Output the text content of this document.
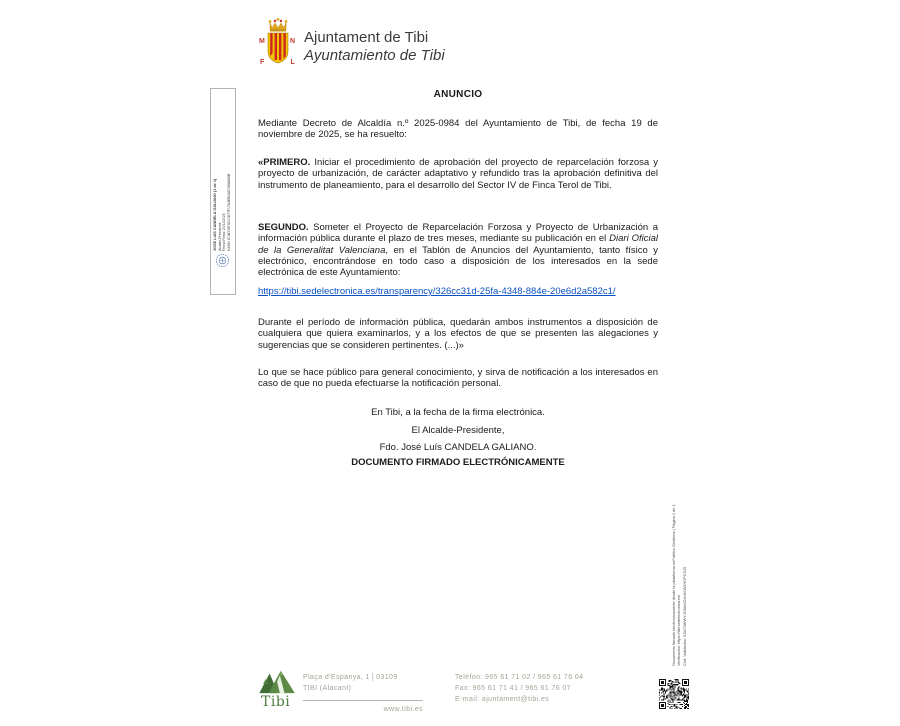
M	N
F	L
Ajuntament de Tibi
Ayuntamiento de Tibi
JOSE LUIS CANDELA GALIANO (1 de 1) Alcalde-Presidente Fecha Firma: 20/11/2025 HASH: E04D05F3D10D77F17A4EB0AD749A8A5B

ANUNCIO

Mediante Decreto de Alcaldía n.º 2025-0984 del Ayuntamiento de Tibi, de fecha 19 de noviembre de 2025, se ha resuelto:

«PRIMERO. Iniciar el procedimiento de aprobación del proyecto de reparcelación forzosa y proyecto de urbanización, de carácter adaptativo y refundido tras la aprobación definitiva del instrumento de planeamiento, para el desarrollo del Sector IV de Finca Terol de Tibi.

SEGUNDO. Someter el Proyecto de Reparcelación Forzosa y Proyecto de Urbanización a información pública durante el plazo de tres meses, mediante su publicación en el Diari Oficial de la Generalitat Valenciana, en el Tablón de Anuncios del Ayuntamiento, tanto físico y electrónico, encontrándose en todo caso a disposición de los interesados en la sede electrónica de este Ayuntamiento:

https://tibi.sedelectronica.es/transparency/326cc31d-25fa-4348-884e-20e6d2a582c1/

Durante el período de información pública, quedarán ambos instrumentos a disposición de cualquiera que quiera examinarlos, y a los efectos de que se presenten las alegaciones y sugerencias que se consideren pertinentes. (...)»

Lo que se hace público para general conocimiento, y sirva de notificación a los interesados en caso de que no pueda efectuarse la notificación personal.

En Tibi, a la fecha de la firma electrónica.

El Alcalde-Presidente,

Fdo. José Luís CANDELA GALIANO.

DOCUMENTO FIRMADO ELECTRÓNICAMENTE

Documento firmado electrónicamente desde la plataforma esPublico Gestiona | Página 1 de 1 Verificación: https://tibi.sedelectronica.es/ Cód. Validación: 5JM73WWYJG6AMZ4K6KW3HDPCSJ5
Tibi
Plaça d'Espanya, 1 | 03109
TIBI (Alacant)
www.tibi.es
Teléfon: 965 61 71 02 / 965 61 76 04
Fax: 965 61 71 41 / 965 61 76 07
E-mail: ajuntament@tibi.es
